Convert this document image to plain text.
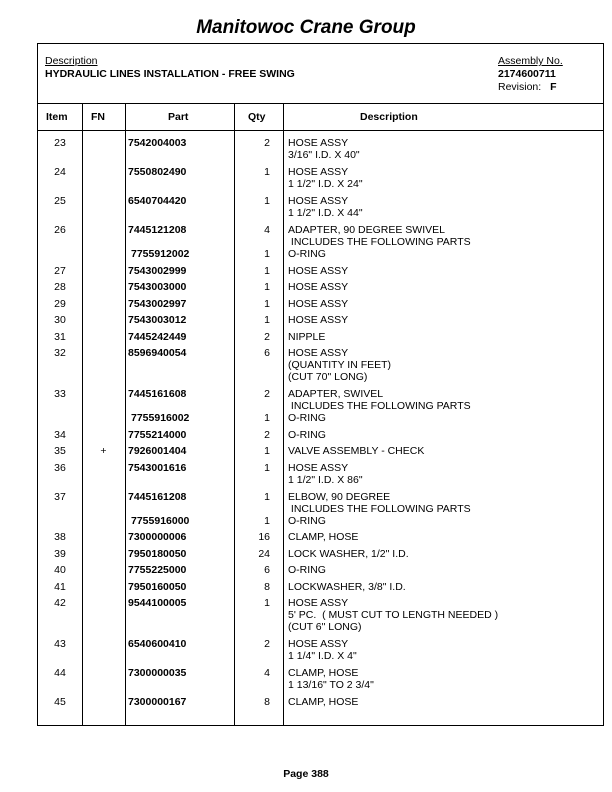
Manitowoc Crane Group
Description
HYDRAULIC LINES INSTALLATION - FREE SWING
Assembly No.
2174600711
Revision: F
Item FN	Part	Qty	Description
23	7542004003	2 HOSE ASSY
3/16" I.D. X 40"
24	7550802490	1 HOSE ASSY
1 1/2" I.D. X 24"
25	6540704420	1 HOSE ASSY
1 1/2" I.D. X 44"
26	7445121208	4 ADAPTER, 90 DEGREE SWIVEL
INCLUDES THE FOLLOWING PARTS
7755912002	1 O-RING
27	7543002999	1 HOSE ASSY
28	7543003000	1 HOSE ASSY
29	7543002997	1 HOSE ASSY
30	7543003012	1 HOSE ASSY
31	7445242449	2 NIPPLE
32	8596940054	6 HOSE ASSY
(QUANTITY IN FEET)
(CUT 70" LONG)
33	7445161608	2 ADAPTER, SWIVEL
INCLUDES THE FOLLOWING PARTS
7755916002	1 O-RING
34	7755214000	2 O-RING
35	+	7926001404	1 VALVE ASSEMBLY - CHECK
36	7543001616	1 HOSE ASSY
1 1/2" I.D. X 86"
37	7445161208	1 ELBOW, 90 DEGREE
INCLUDES THE FOLLOWING PARTS
7755916000	1 O-RING
38	7300000006	16 CLAMP, HOSE
39	7950180050	24 LOCK WASHER, 1/2" I.D.
40	7755225000	6 O-RING
41	7950160050	8 LOCKWASHER, 3/8" I.D.
42	9544100005	1 HOSE ASSY
5' PC.  ( MUST CUT TO LENGTH NEEDED )
(CUT 6" LONG)
43	6540600410	2 HOSE ASSY
1 1/4" I.D. X 4"
44	7300000035	4 CLAMP, HOSE
1 13/16" TO 2 3/4"
45	7300000167	8 CLAMP, HOSE
Page 388
